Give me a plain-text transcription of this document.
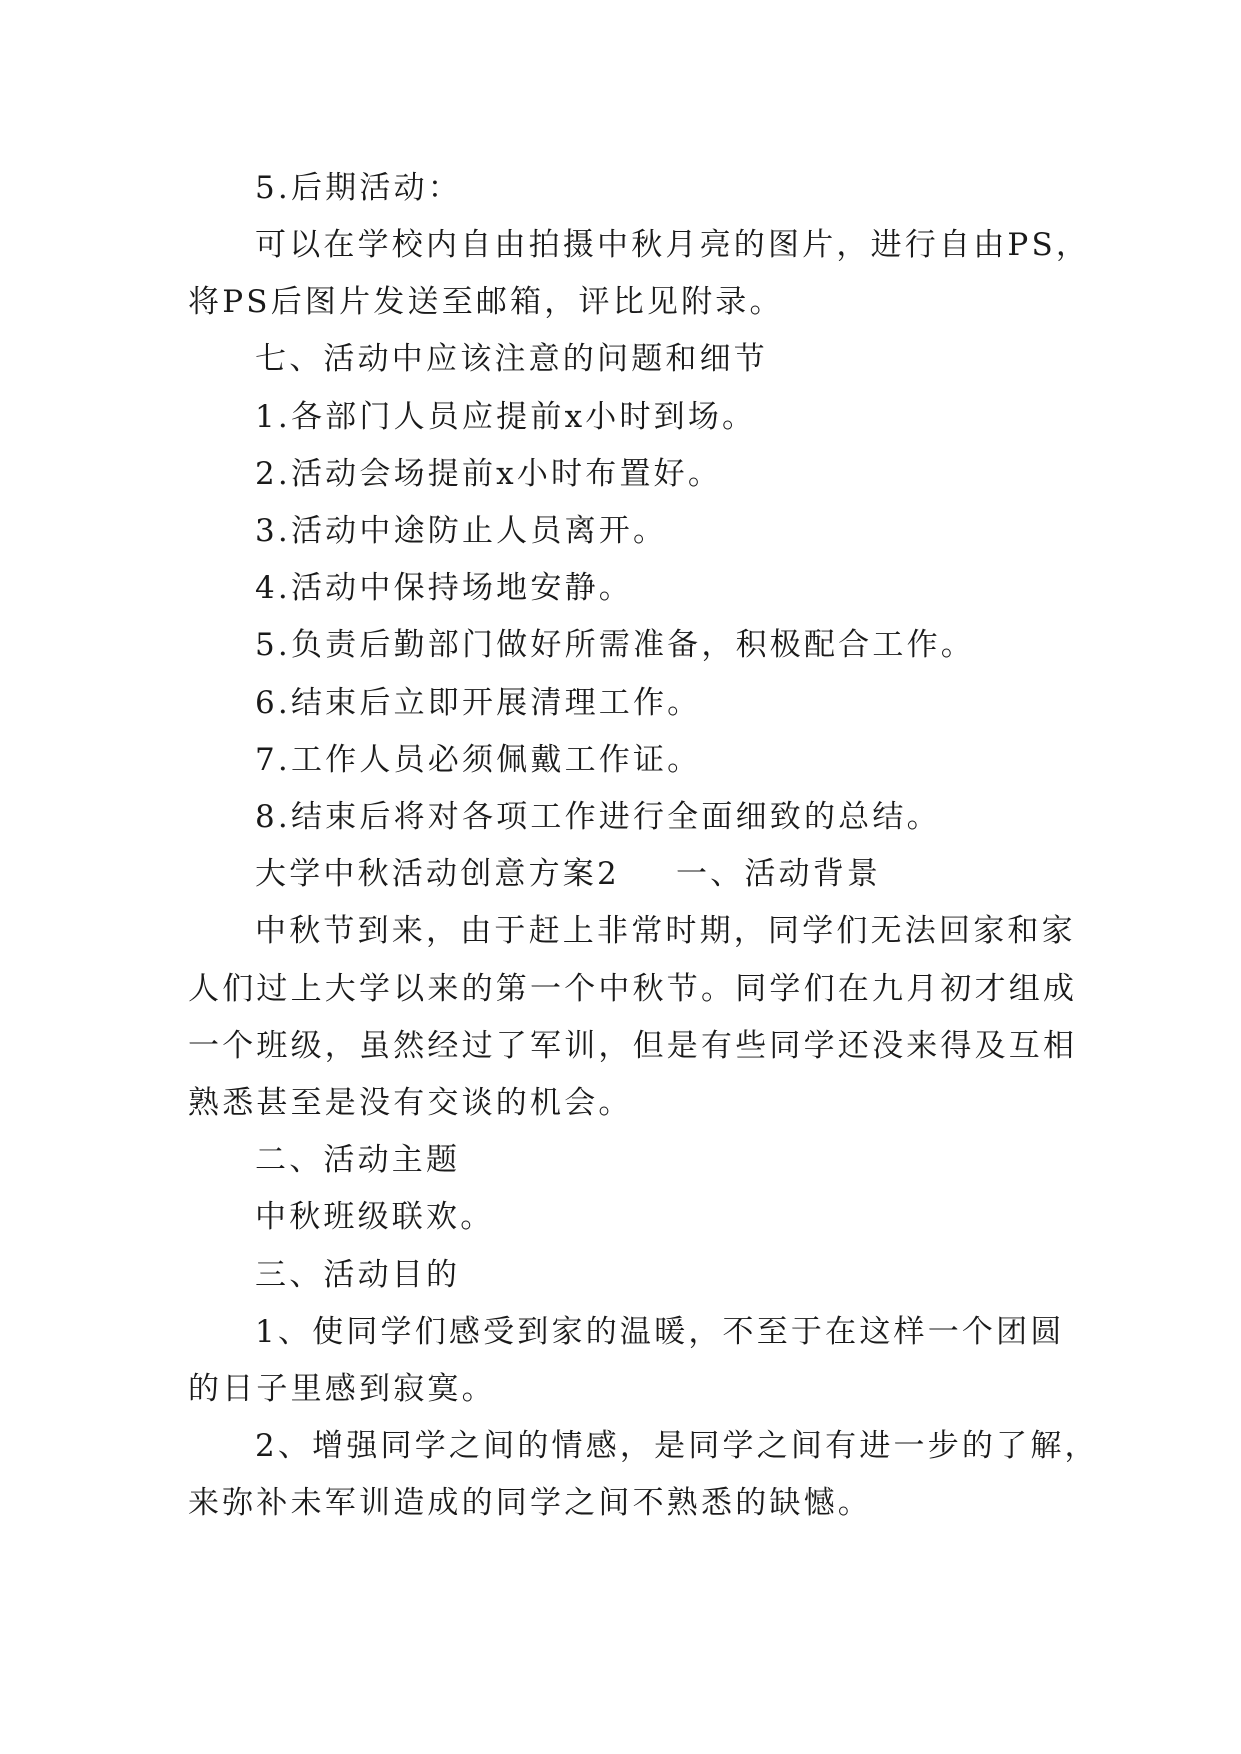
5.后期活动：
可以在学校内自由拍摄中秋月亮的图片，进行自由PS，
将PS后图片发送至邮箱，评比见附录。
七、活动中应该注意的问题和细节
1.各部门人员应提前x小时到场。
2.活动会场提前x小时布置好。
3.活动中途防止人员离开。
4.活动中保持场地安静。
5.负责后勤部门做好所需准备，积极配合工作。
6.结束后立即开展清理工作。
7.工作人员必须佩戴工作证。
8.结束后将对各项工作进行全面细致的总结。
大学中秋活动创意方案2 一、活动背景
中秋节到来，由于赶上非常时期，同学们无法回家和家
人们过上大学以来的第一个中秋节。同学们在九月初才组成
一个班级，虽然经过了军训，但是有些同学还没来得及互相
熟悉甚至是没有交谈的机会。
二、活动主题
中秋班级联欢。
三、活动目的
1、使同学们感受到家的温暖，不至于在这样一个团圆
的日子里感到寂寞。
2、增强同学之间的情感，是同学之间有进一步的了解，
来弥补未军训造成的同学之间不熟悉的缺憾。
